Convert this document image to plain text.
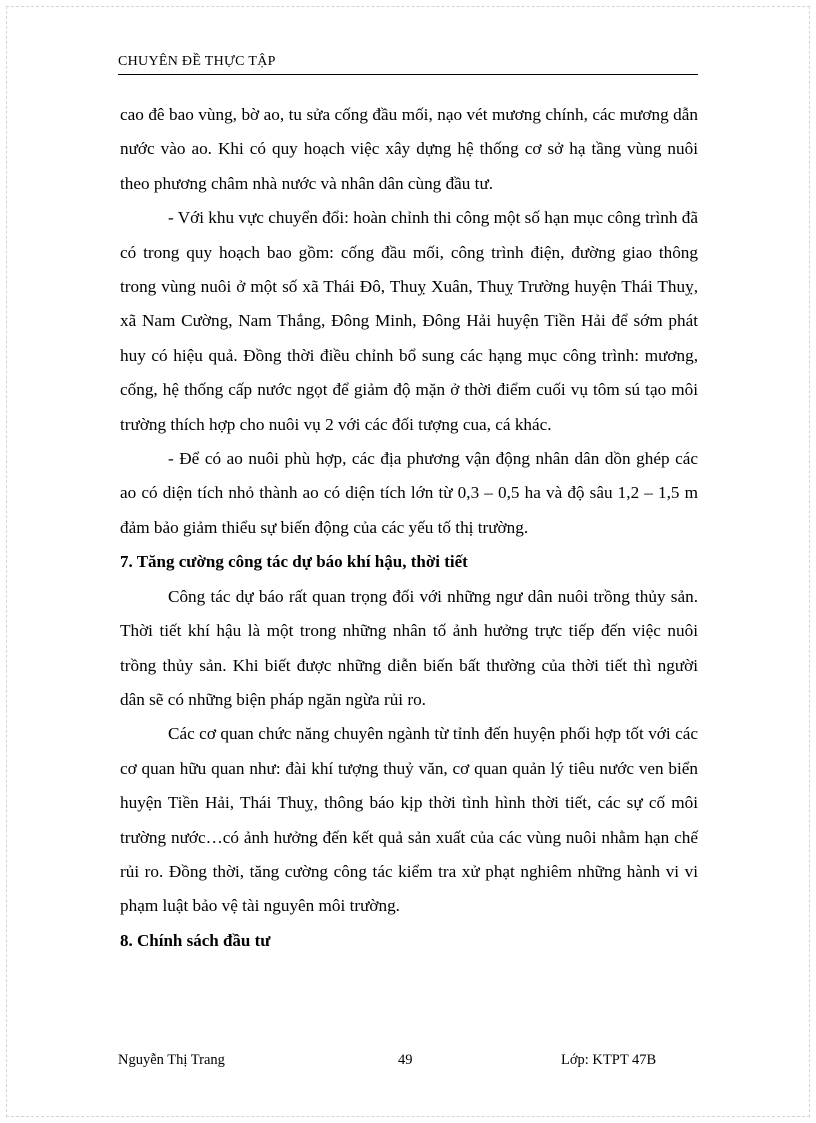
CHUYÊN ĐỀ THỰC TẬP

cao đê bao vùng, bờ ao, tu sửa cống đầu mối, nạo vét mương chính, các mương dẫn nước vào ao. Khi có quy hoạch việc xây dựng hệ thống cơ sở hạ tầng vùng nuôi theo phương châm nhà nước và nhân dân cùng đầu tư.

- Với khu vực chuyển đổi: hoàn chỉnh thi công một số hạn mục công trình đã có trong quy hoạch bao gồm: cống đầu mối, công trình điện, đường giao thông trong vùng nuôi ở một số xã Thái Đô, Thuỵ Xuân, Thuỵ Trường huyện Thái Thuỵ, xã Nam Cường, Nam Thắng, Đông Minh, Đông Hải huyện Tiền Hải để sớm phát huy có hiệu quả. Đồng thời điều chỉnh bổ sung các hạng mục công trình: mương, cống, hệ thống cấp nước ngọt để giảm độ mặn ở thời điểm cuối vụ tôm sú tạo môi trường thích hợp cho nuôi vụ 2 với các đối tượng cua, cá khác.

- Để có ao nuôi phù hợp, các địa phương vận động nhân dân dồn ghép các ao có diện tích nhỏ thành ao có diện tích lớn từ 0,3 – 0,5 ha và độ sâu 1,2 – 1,5 m đảm bảo giảm thiểu sự biến động của các yếu tố thị trường.

7. Tăng cường công tác dự báo khí hậu, thời tiết

Công tác dự báo rất quan trọng đối với những ngư dân nuôi trồng thủy sản. Thời tiết khí hậu là một trong những nhân tố ảnh hưởng trực tiếp đến việc nuôi trồng thủy sản. Khi biết được những diễn biến bất thường của thời tiết thì người dân sẽ có những biện pháp ngăn ngừa rủi ro.

Các cơ quan chức năng chuyên ngành từ tỉnh đến huyện phối hợp tốt với các cơ quan hữu quan như: đài khí tượng thuỷ văn, cơ quan quản lý tiêu nước ven biển huyện Tiền Hải, Thái Thuỵ, thông báo kịp thời tình hình thời tiết, các sự cố môi trường nước…có ảnh hưởng đến kết quả sản xuất của các vùng nuôi nhằm hạn chế rủi ro. Đồng thời, tăng cường công tác kiểm tra xử phạt nghiêm những hành vi vi phạm luật bảo vệ tài nguyên môi trường.

8. Chính sách đầu tư

Nguyễn Thị Trang	49	Lớp: KTPT 47B
